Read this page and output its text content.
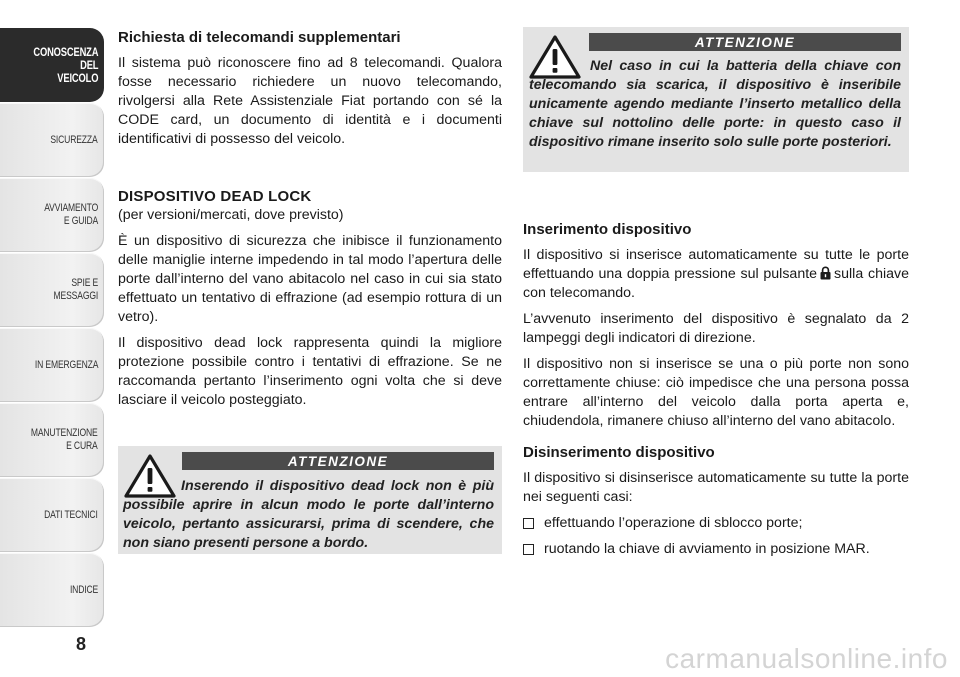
CONOSCENZA
DEL
VEICOLO
SICUREZZA
AVVIAMENTO
E GUIDA
SPIE E
MESSAGGI
IN EMERGENZA
MANUTENZIONE
E CURA
DATI TECNICI
INDICE
8
Richiesta di telecomandi supplementari

Il sistema può riconoscere fino ad 8 telecomandi. Qualora fosse necessario richiedere un nuovo telecomando, rivolgersi alla Rete Assistenziale Fiat portando con sé la CODE card, un documento di identità e i documenti identificativi di possesso del veicolo.

DISPOSITIVO DEAD LOCK
(per versioni/mercati, dove previsto)

È un dispositivo di sicurezza che inibisce il funzionamento delle maniglie interne impedendo in tal modo l’apertura delle porte dall’interno del vano abitacolo nel caso in cui sia stato effettuato un tentativo di effrazione (ad esempio rottura di un vetro).

Il dispositivo dead lock rappresenta quindi la migliore protezione possibile contro i tentativi di effrazione. Se ne raccomanda pertanto l’inserimento ogni volta che si deve lasciare il veicolo posteggiato.

ATTENZIONE
Inserendo il dispositivo dead lock non è più possibile aprire in alcun modo le porte dall’interno veicolo, pertanto assicurarsi, prima di scendere, che non siano presenti persone a bordo.
ATTENZIONE
Nel caso in cui la batteria della chiave con telecomando sia scarica, il dispositivo è inseribile unicamente agendo mediante l’inserto metallico della chiave sul nottolino delle porte: in questo caso il dispositivo rimane inserito solo sulle porte posteriori.
Inserimento dispositivo

Il dispositivo si inserisce automaticamente su tutte le porte effettuando una doppia pressione sul pulsante sulla chiave con telecomando.

L’avvenuto inserimento del dispositivo è segnalato da 2 lampeggi degli indicatori di direzione.

Il dispositivo non si inserisce se una o più porte non sono correttamente chiuse: ciò impedisce che una persona possa entrare all’interno del veicolo dalla porta aperta e, chiudendola, rimanere chiuso all’interno del vano abitacolo.

Disinserimento dispositivo

Il dispositivo si disinserisce automaticamente su tutte la porte nei seguenti casi:

effettuando l’operazione di sblocco porte;
ruotando la chiave di avviamento in posizione MAR.
carmanualsonline.info
